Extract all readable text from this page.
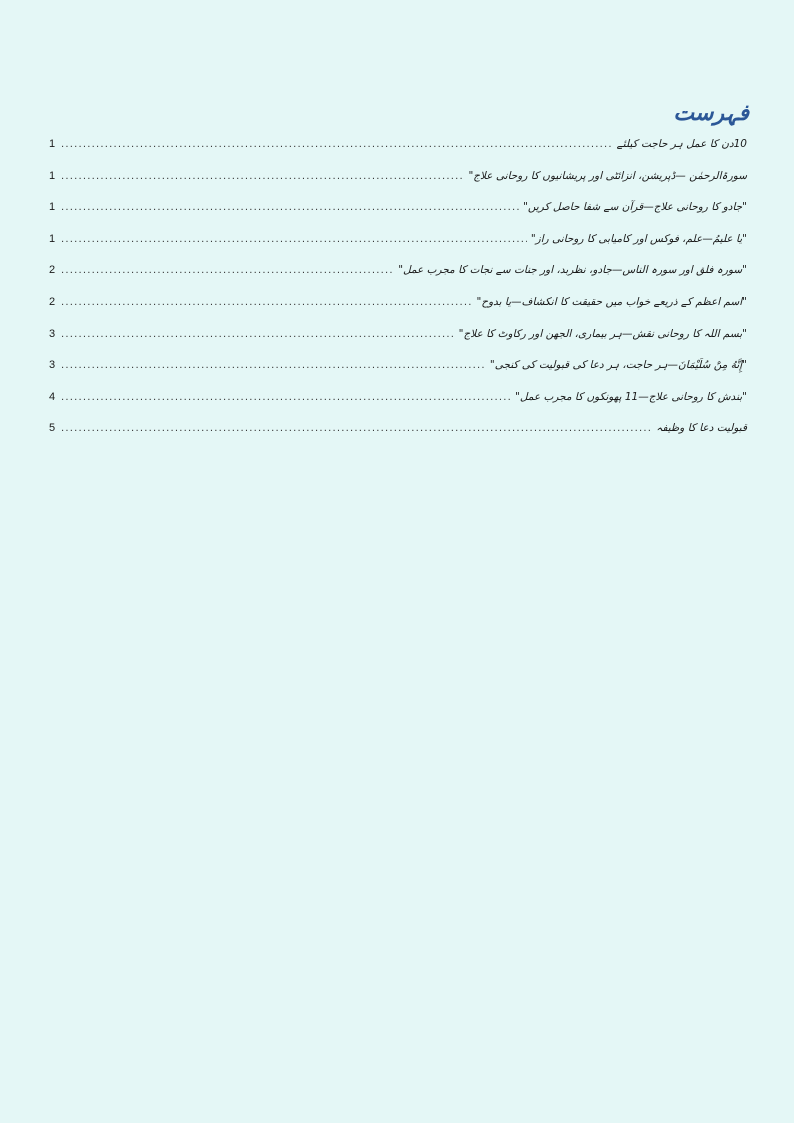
فہرست
10دن کا عمل ہر حاجت کیلئے
.....
1
سورۃالرحمٰن —ڈپریشن، انزائٹی اور پریشانیوں کا روحانی علاج"
.....
1
"جادو کا روحانی علاج—قرآن سے شفا حاصل کریں"
.....
1
"یا علیمُ—علم، فوکس اور کامیابی کا روحانی راز"
.....
1
"سورہ فلق اور سورہ الناس—جادو، نظربد، اور جنات سے نجات کا مجرب عمل"
.....
2
"اسم اعظم کے ذریعے خواب میں حقیقت کا انکشاف—یا بدوح"
.....
2
"بسم اللہ کا روحانی نقش—ہر بیماری، الجھن اور رکاوٹ کا علاج"
.....
3
"إِنَّهُ مِنْ سُلَيْمَانَ—ہر حاجت، ہر دعا کی قبولیت کی کنجی"
.....
3
"بندش کا روحانی علاج—11 پھونکوں کا مجرب عمل"
.....
4
قبولیت دعا کا وظیفہ
.....
5
